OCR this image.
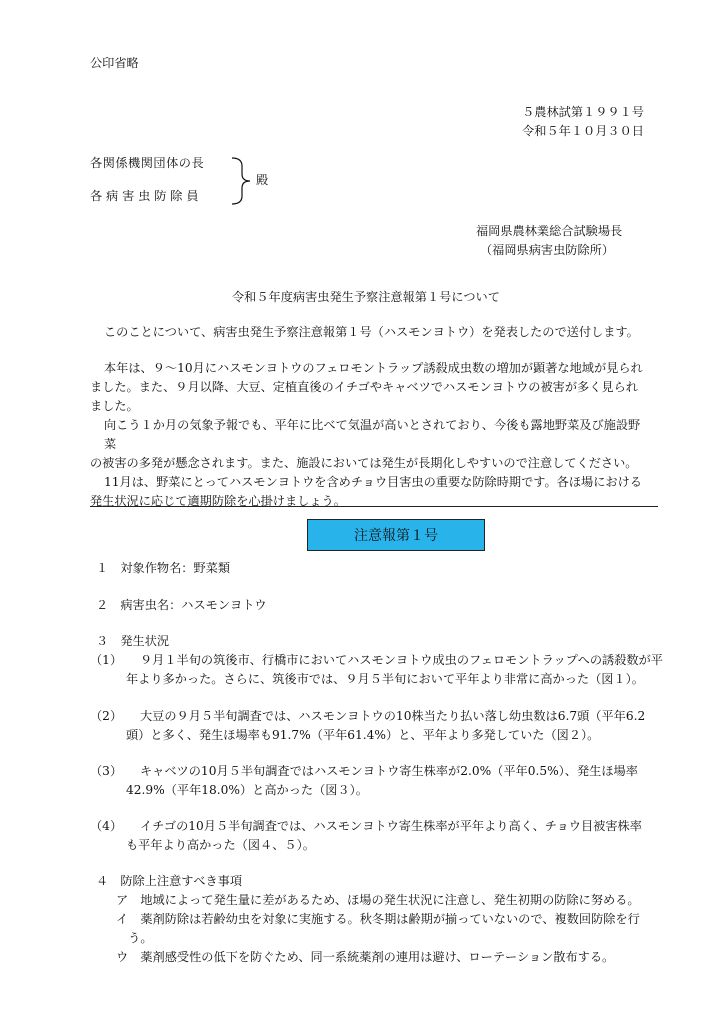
公印省略
５農林試第１９９１号
令和５年１０月３０日
各関係機関団体の長
各 病 害 虫 防 除 員
殿
福岡県農林業総合試験場長
（福岡県病害虫防除所）
令和５年度病害虫発生予察注意報第１号について
このことについて、病害虫発生予察注意報第１号（ハスモンヨトウ）を発表したので送付します。
本年は、９～10月にハスモンヨトウのフェロモントラップ誘殺成虫数の増加が顕著な地域が見られ
ました。また、９月以降、大豆、定植直後のイチゴやキャベツでハスモンヨトウの被害が多く見られ
ました。
向こう１か月の気象予報でも、平年に比べて気温が高いとされており、今後も露地野菜及び施設野菜
の被害の多発が懸念されます。また、施設においては発生が長期化しやすいので注意してください。
11月は、野菜にとってハスモンヨトウを含めチョウ目害虫の重要な防除時期です。各ほ場における
発生状況に応じて適期防除を心掛けましょう。
注意報第１号
１　対象作物名：野菜類
２　病害虫名：ハスモンヨトウ
３　発生状況
（1） ９月１半旬の筑後市、行橋市においてハスモンヨトウ成虫のフェロモントラップへの誘殺数が平
年より多かった。さらに、筑後市では、９月５半旬において平年より非常に高かった（図１）。
（2） 大豆の９月５半旬調査では、ハスモンヨトウの10株当たり払い落し幼虫数は6.7頭（平年6.2
頭）と多く、発生ほ場率も91.7%（平年61.4%）と、平年より多発していた（図２）。
（3） キャベツの10月５半旬調査ではハスモンヨトウ寄生株率が2.0%（平年0.5%）、発生ほ場率
42.9%（平年18.0%）と高かった（図３）。
（4） イチゴの10月５半旬調査では、ハスモンヨトウ寄生株率が平年より高く、チョウ目被害株率
も平年より高かった（図４、５）。
４　防除上注意すべき事項
ア　地域によって発生量に差があるため、ほ場の発生状況に注意し、発生初期の防除に努める。
イ　薬剤防除は若齢幼虫を対象に実施する。秋冬期は齢期が揃っていないので、複数回防除を行
　う。
ウ　薬剤感受性の低下を防ぐため、同一系統薬剤の連用は避け、ローテーション散布する。
